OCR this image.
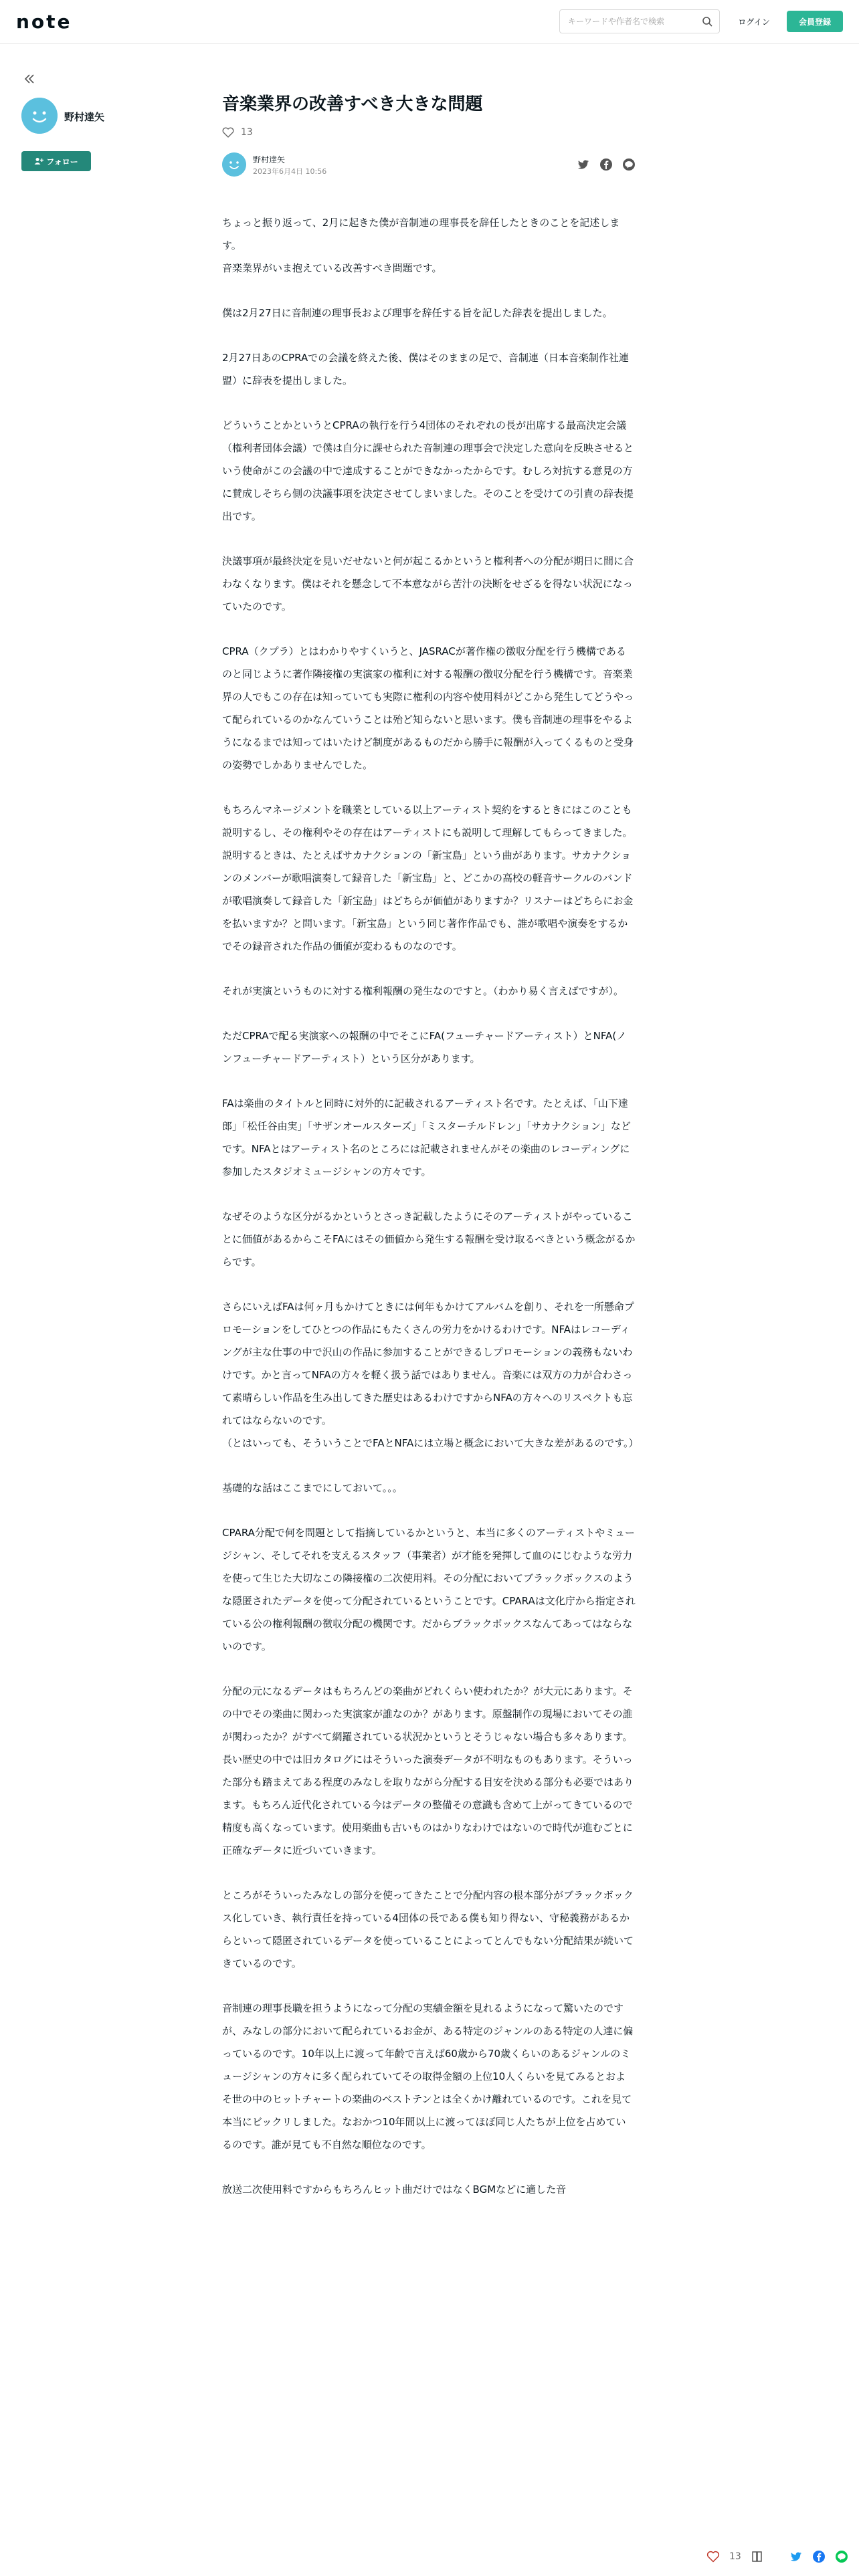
note
キーワードや作者名で検索	ログイン	会員登録
野村達矢
フォロー
音楽業界の改善すべき大きな問題
13
野村達矢
2023年6月4日 10:56

ちょっと振り返って、2月に起きた僕が音制連の理事長を辞任したときのことを記述します。
音楽業界がいま抱えている改善すべき問題です。

僕は2月27日に音制連の理事長および理事を辞任する旨を記した辞表を提出しました。

2月27日あのCPRAでの会議を終えた後、僕はそのままの足で、音制連（日本音楽制作社連盟）に辞表を提出しました。

どういうことかというとCPRAの執行を行う4団体のそれぞれの長が出席する最高決定会議（権利者団体会議）で僕は自分に課せられた音制連の理事会で決定した意向を反映させるという使命がこの会議の中で達成することができなかったからです。むしろ対抗する意見の方に賛成しそちら側の決議事項を決定させてしまいました。そのことを受けての引責の辞表提出です。

決議事項が最終決定を見いだせないと何が起こるかというと権利者への分配が期日に間に合わなくなります。僕はそれを懸念して不本意ながら苦汁の決断をせざるを得ない状況になっていたのです。

CPRA（クプラ）とはわかりやすくいうと、JASRACが著作権の徴収分配を行う機構であるのと同じように著作隣接権の実演家の権利に対する報酬の徴収分配を行う機構です。音楽業界の人でもこの存在は知っていても実際に権利の内容や使用料がどこから発生してどうやって配られているのかなんていうことは殆ど知らないと思います。僕も音制連の理事をやるようになるまでは知ってはいたけど制度があるものだから勝手に報酬が入ってくるものと受身の姿勢でしかありませんでした。

もちろんマネージメントを職業としている以上アーティスト契約をするときにはこのことも説明するし、その権利やその存在はアーティストにも説明して理解してもらってきました。説明するときは、たとえばサカナクションの「新宝島」という曲があります。サカナクションのメンバーが歌唱演奏して録音した「新宝島」と、どこかの高校の軽音サークルのバンドが歌唱演奏して録音した「新宝島」はどちらが価値がありますか？リスナーはどちらにお金を払いますか？と問います。「新宝島」という同じ著作作品でも、誰が歌唱や演奏をするかでその録音された作品の価値が変わるものなのです。

それが実演というものに対する権利報酬の発生なのですと。（わかり易く言えばですが）。

ただCPRAで配る実演家への報酬の中でそこにFA(フューチャードアーティスト）とNFA(ノンフューチャードアーティスト）という区分があります。

FAは楽曲のタイトルと同時に対外的に記載されるアーティスト名です。たとえば、「山下達郎」「松任谷由実」「サザンオールスターズ」「ミスターチルドレン」「サカナクション」などです。NFAとはアーティスト名のところには記載されませんがその楽曲のレコーディングに参加したスタジオミュージシャンの方々です。

なぜそのような区分がるかというとさっき記載したようにそのアーティストがやっていることに価値があるからこそFAにはその価値から発生する報酬を受け取るべきという概念がるからです。

さらにいえばFAは何ヶ月もかけてときには何年もかけてアルバムを創り、それを一所懸命プロモーションをしてひとつの作品にもたくさんの労力をかけるわけです。NFAはレコーディングが主な仕事の中で沢山の作品に参加することができるしプロモーションの義務もないわけです。かと言ってNFAの方々を軽く扱う話ではありません。音楽には双方の力が合わさって素晴らしい作品を生み出してきた歴史はあるわけですからNFAの方々へのリスペクトも忘れてはならないのです。
（とはいっても、そういうことでFAとNFAには立場と概念において大きな差があるのです。）

基礎的な話はここまでにしておいて。。。

CPARA分配で何を問題として指摘しているかというと、本当に多くのアーティストやミュージシャン、そしてそれを支えるスタッフ（事業者）が才能を発揮して血のにじむような労力を使って生じた大切なこの隣接権の二次使用料。その分配においてブラックボックスのような隠匿されたデータを使って分配されているということです。CPARAは文化庁から指定されている公の権利報酬の徴収分配の機関です。だからブラックボックスなんてあってはならないのです。

分配の元になるデータはもちろんどの楽曲がどれくらい使われたか？が大元にあります。その中でその楽曲に関わった実演家が誰なのか？があります。原盤制作の現場においてその誰が関わったか？がすべて網羅されている状況かというとそうじゃない場合も多々あります。長い歴史の中では旧カタログにはそういった演奏データが不明なものもあります。そういった部分も踏まえてある程度のみなしを取りながら分配する目安を決める部分も必要ではあります。もちろん近代化されている今はデータの整備その意識も含めて上がってきているので精度も高くなっています。使用楽曲も古いものはかりなわけではないので時代が進むごとに正確なデータに近づいていきます。

ところがそういったみなしの部分を使ってきたことで分配内容の根本部分がブラックボックス化していき、執行責任を持っている4団体の長である僕も知り得ない、守秘義務があるからといって隠匿されているデータを使っていることによってとんでもない分配結果が続いてきているのです。

音制連の理事長職を担うようになって分配の実績金額を見れるようになって驚いたのですが、みなしの部分において配られているお金が、ある特定のジャンルのある特定の人達に偏っているのです。10年以上に渡って年齢で言えば60歳から70歳くらいのあるジャンルのミュージシャンの方々に多く配られていてその取得金額の上位10人くらいを見てみるとおよそ世の中のヒットチャートの楽曲のベストテンとは全くかけ離れているのです。これを見て本当にビックリしました。なおかつ10年間以上に渡ってほぼ同じ人たちが上位を占めているのです。誰が見ても不自然な順位なのです。

放送二次使用料ですからもちろんヒット曲だけではなくBGMなどに適した音

13
